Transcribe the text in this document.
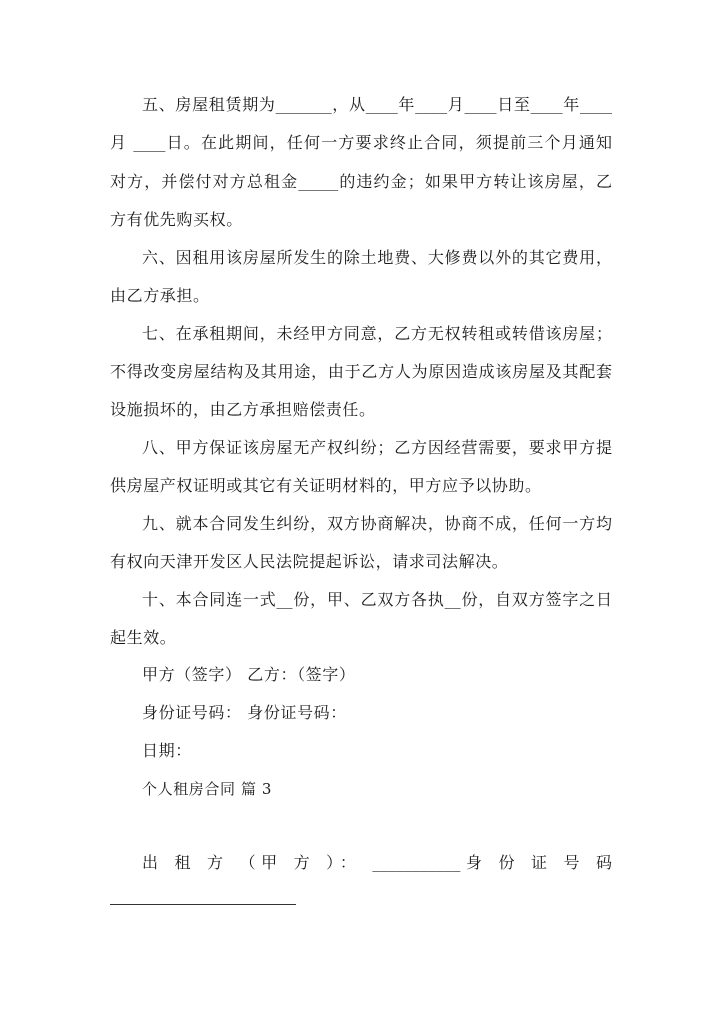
五、房屋租赁期为_______，从____年____月____日至____年____
月 ____日。在此期间，任何一方要求终止合同，须提前三个月通知
对方，并偿付对方总租金_____的违约金；如果甲方转让该房屋，乙
方有优先购买权。
六、因租用该房屋所发生的除土地费、大修费以外的其它费用，
由乙方承担。
七、在承租期间，未经甲方同意，乙方无权转租或转借该房屋；
不得改变房屋结构及其用途，由于乙方人为原因造成该房屋及其配套
设施损坏的，由乙方承担赔偿责任。
八、甲方保证该房屋无产权纠纷；乙方因经营需要，要求甲方提
供房屋产权证明或其它有关证明材料的，甲方应予以协助。
九、就本合同发生纠纷，双方协商解决，协商不成，任何一方均
有权向天津开发区人民法院提起诉讼，请求司法解决。
十、本合同连一式__份，甲、乙双方各执__份，自双方签字之日
起生效。
甲方（签字） 乙方：（签字）
身份证号码： 身份证号码：
日期：
个人租房合同 篇 3
出 租 方 （甲 方 ）： ___________身 份 证 号 码
